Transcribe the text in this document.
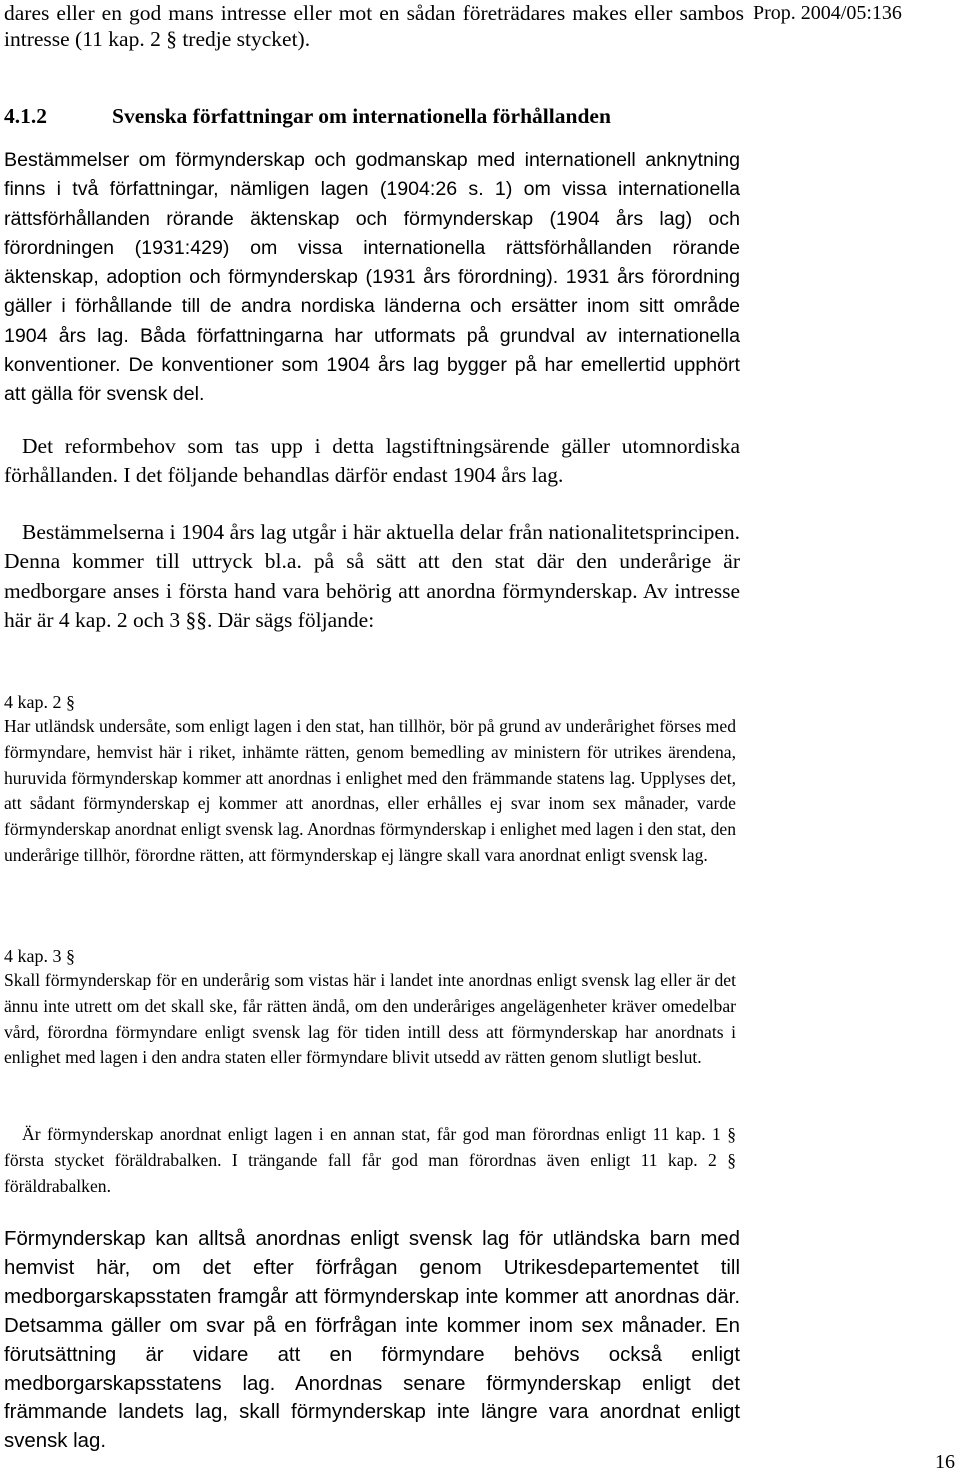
dares eller en god mans intresse eller mot en sådan företrädares makes eller sambos intresse (11 kap. 2 § tredje stycket).
Prop. 2004/05:136
4.1.2	Svenska författningar om internationella förhållanden

Bestämmelser om förmynderskap och godmanskap med internationell anknytning finns i två författningar, nämligen lagen (1904:26 s. 1) om vissa internationella rättsförhållanden rörande äktenskap och förmynderskap (1904 års lag) och förordningen (1931:429) om vissa internationella rättsförhållanden rörande äktenskap, adoption och förmynderskap (1931 års förordning). 1931 års förordning gäller i förhållande till de andra nordiska länderna och ersätter inom sitt område 1904 års lag. Båda författningarna har utformats på grundval av internationella konventioner. De konventioner som 1904 års lag bygger på har emellertid upphört att gälla för svensk del.

Det reformbehov som tas upp i detta lagstiftningsärende gäller utomnordiska förhållanden. I det följande behandlas därför endast 1904 års lag.

Bestämmelserna i 1904 års lag utgår i här aktuella delar från nationalitetsprincipen. Denna kommer till uttryck bl.a. på så sätt att den stat där den underårige är medborgare anses i första hand vara behörig att anordna förmynderskap. Av intresse här är 4 kap. 2 och 3 §§. Där sägs följande:

4 kap. 2 §

Har utländsk undersåte, som enligt lagen i den stat, han tillhör, bör på grund av underårighet förses med förmyndare, hemvist här i riket, inhämte rätten, genom bemedling av ministern för utrikes ärendena, huruvida förmynderskap kommer att anordnas i enlighet med den främmande statens lag. Upplyses det, att sådant förmynderskap ej kommer att anordnas, eller erhålles ej svar inom sex månader, varde förmynderskap anordnat enligt svensk lag. Anordnas förmynderskap i enlighet med lagen i den stat, den underårige tillhör, förordne rätten, att förmynderskap ej längre skall vara anordnat enligt svensk lag.

4 kap. 3 §

Skall förmynderskap för en underårig som vistas här i landet inte anordnas enligt svensk lag eller är det ännu inte utrett om det skall ske, får rätten ändå, om den underåriges angelägenheter kräver omedelbar vård, förordna förmyndare enligt svensk lag för tiden intill dess att förmynderskap har anordnats i enlighet med lagen i den andra staten eller förmyndare blivit utsedd av rätten genom slutligt beslut.

Är förmynderskap anordnat enligt lagen i en annan stat, får god man förordnas enligt 11 kap. 1 § första stycket föräldrabalken. I trängande fall får god man förordnas även enligt 11 kap. 2 § föräldrabalken.

Förmynderskap kan alltså anordnas enligt svensk lag för utländska barn med hemvist här, om det efter förfrågan genom Utrikesdepartementet till medborgarskapsstaten framgår att förmynderskap inte kommer att anordnas där. Detsamma gäller om svar på en förfrågan inte kommer inom sex månader. En förutsättning är vidare att en förmyndare behövs också enligt medborgarskapsstatens lag. Anordnas senare förmynderskap enligt det främmande landets lag, skall förmynderskap inte längre vara anordnat enligt svensk lag.

16
